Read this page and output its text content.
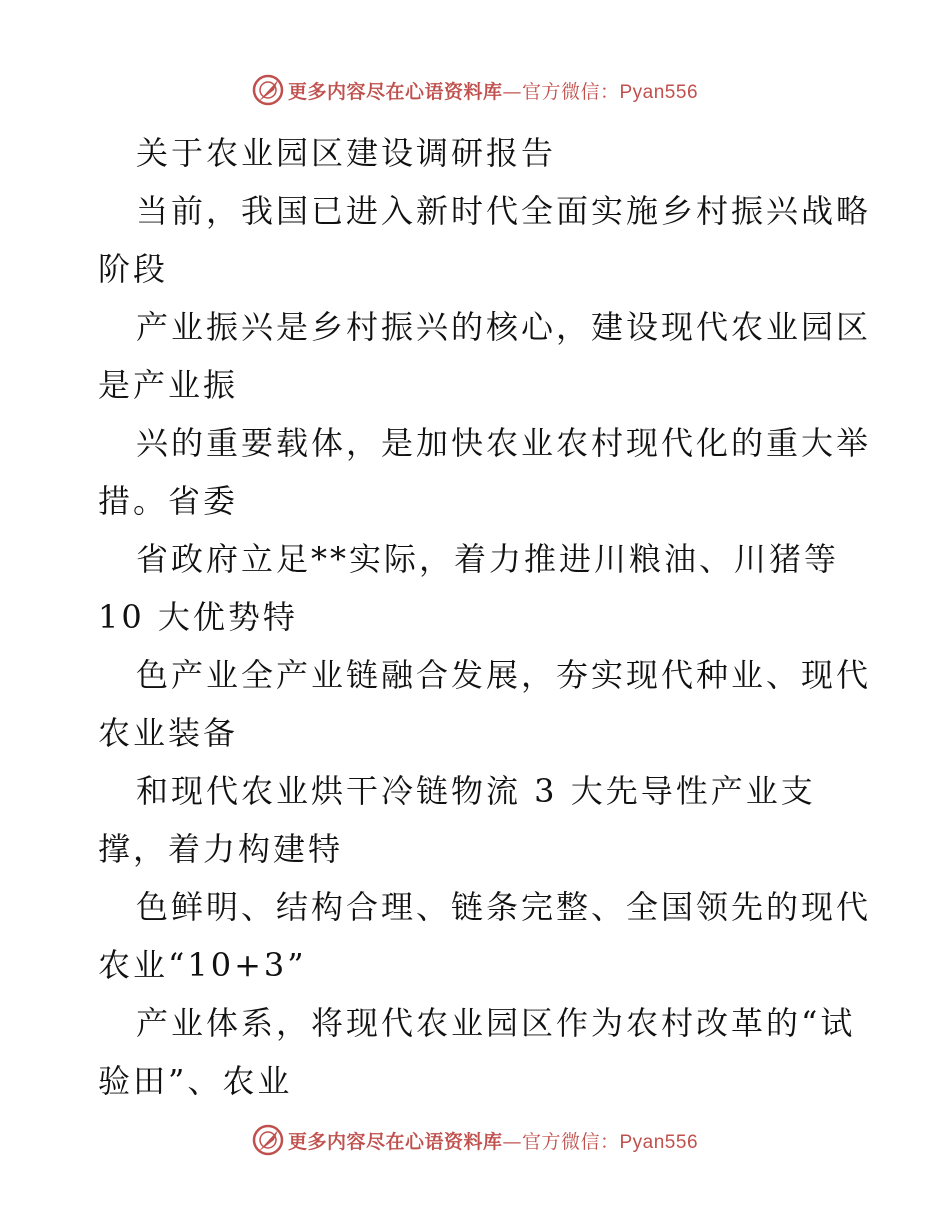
更多内容尽在心语资料库—官方微信：Pyan556
关于农业园区建设调研报告
当前，我国已进入新时代全面实施乡村振兴战略
阶段
产业振兴是乡村振兴的核心，建设现代农业园区
是产业振
兴的重要载体，是加快农业农村现代化的重大举
措。省委
省政府立足**实际，着力推进川粮油、川猪等
10 大优势特
色产业全产业链融合发展，夯实现代种业、现代
农业装备
和现代农业烘干冷链物流 3 大先导性产业支
撑，着力构建特
色鲜明、结构合理、链条完整、全国领先的现代
农业“10+3”
产业体系，将现代农业园区作为农村改革的“试
验田”、农业
更多内容尽在心语资料库—官方微信：Pyan556
